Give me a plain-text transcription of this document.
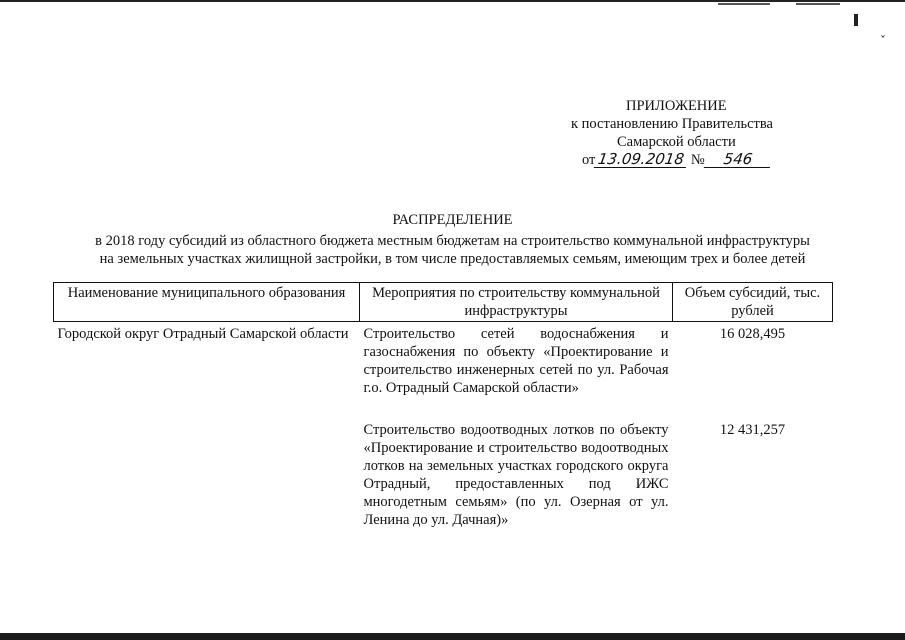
ˇ
ПРИЛОЖЕНИЕ
к постановлению Правительства
Самарской области
от 13.09.2018 № 546
РАСПРЕДЕЛЕНИЕ
в 2018 году субсидий из областного бюджета местным бюджетам на строительство коммунальной инфраструктуры
на земельных участках жилищной застройки, в том числе предоставляемых семьям, имеющим трех и более детей
Наименование муниципального образования	Мероприятия по строительству коммунальной инфраструктуры	Объем субсидий, тыс. рублей
Городской округ Отрадный Самарской области	Строительство сетей водоснабжения и газоснабжения по объекту «Проектирование и строительство инженерных сетей по ул. Рабочая г.о. Отрадный Самарской области»	16 028,495

	Строительство водоотводных лотков по объекту «Проектирование и строительство водоотводных лотков на земельных участках городского округа Отрадный, предоставленных под ИЖС многодетным семьям» (по ул. Озерная от ул. Ленина до ул. Дачная)»	12 431,257
